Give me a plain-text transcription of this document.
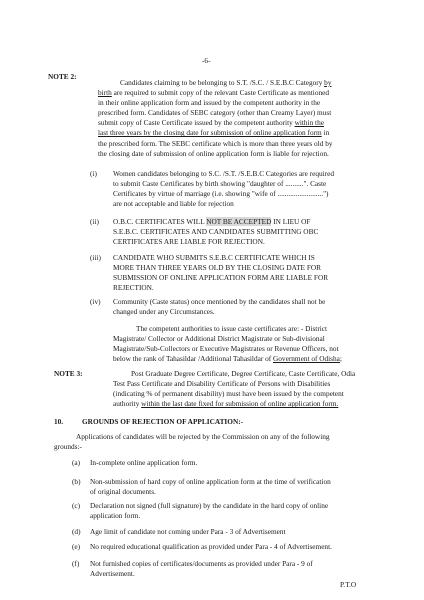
-6-
NOTE 2:
Candidates claiming to be belonging to S.T. /S.C. / S.E.B.C Category by
birth are required to submit copy of the relevant Caste Certificate as mentioned
in their online application form and issued by the competent authority in the
prescribed form. Candidates of SEBC category (other than Creamy Layer) must
submit copy of Caste Certificate issued by the competent authority within the
last three years by the closing date for submission of online application form in
the prescribed form. The SEBC certificate which is more than three years old by
the closing date of submission of online application form is liable for rejection.
(i) Women candidates belonging to S.C. /S.T. /S.E.B.C Categories are required
to submit Caste Certificates by birth showing "daughter of ..........". Caste
Certificates by virtue of marriage (i.e. showing "wife of .........................")
are not acceptable and liable for rejection
(ii) O.B.C. CERTIFICATES WILL NOT BE ACCEPTED IN LIEU OF
S.E.B.C. CERTIFICATES AND CANDIDATES SUBMITTING OBC
CERTIFICATES ARE LIABLE FOR REJECTION.
(iii) CANDIDATE WHO SUBMITS S.E.B.C CERTIFICATE WHICH IS
MORE THAN THREE YEARS OLD BY THE CLOSING DATE FOR
SUBMISSION OF ONLINE APPLICATION FORM ARE LIABLE FOR
REJECTION.
(iv) Community (Caste status) once mentioned by the candidates shall not be
changed under any Circumstances.
The competent authorities to issue caste certificates are: - District
Magistrate/ Collector or Additional District Magistrate or Sub-divisional
Magistrate/Sub-Collectors or Executive Magistrates or Revenue Officers, not
below the rank of Tahasildar /Additional Tahasildar of Government of Odisha;
NOTE 3:	Post Graduate Degree Certificate, Degree Certificate, Caste Certificate, Odia
Test Pass Certificate and Disability Certificate of Persons with Disabilities
(indicating % of permanent disability) must have been issued by the competent
authority within the last date fixed for submission of online application form.
10.	GROUNDS OF REJECTION OF APPLICATION:-
Applications of candidates will be rejected by the Commission on any of the following
grounds:-
(a) In-complete online application form.
(b) Non-submission of hard copy of online application form at the time of verification
of original documents.
(c) Declaration not signed (full signature) by the candidate in the hard copy of online
application form.
(d) Age limit of candidate not coming under Para - 3 of Advertisement
(e) No required educational qualification as provided under Para - 4 of Advertisement.
(f) Not furnished copies of certificates/documents as provided under Para - 9 of
Advertisement.
P.T.O
